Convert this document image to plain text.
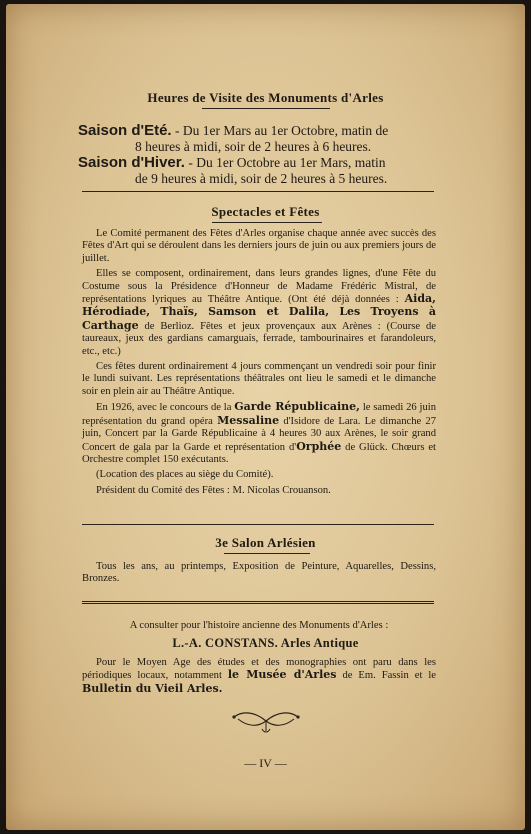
Heures de Visite des Monuments d'Arles
Saison d'Eté. - Du 1er Mars au 1er Octobre, matin de
8 heures à midi, soir de 2 heures à 6 heures.
Saison d'Hiver. - Du 1er Octobre au 1er Mars, matin
de 9 heures à midi, soir de 2 heures à 5 heures.
Spectacles et Fêtes

Le Comité permanent des Fêtes d'Arles organise chaque année avec succès des Fêtes d'Art qui se déroulent dans les derniers jours de juin ou aux premiers jours de juillet.

Elles se composent, ordinairement, dans leurs grandes lignes, d'une Fête du Costume sous la Présidence d'Honneur de Madame Frédéric Mistral, de représentations lyriques au Théâtre Antique. (Ont été déjà données : Aida, Hérodiade, Thaïs, Samson et Dalila, Les Troyens à Carthage de Berlioz. Fêtes et jeux provençaux aux Arènes : (Course de taureaux, jeux des gardians camarguais, ferrade, tambourinaires et farandoleurs, etc., etc.)

Ces fêtes durent ordinairement 4 jours commençant un vendredi soir pour finir le lundi suivant. Les représentations théâtrales ont lieu le samedi et le dimanche soir en plein air au Théâtre Antique.

En 1926, avec le concours de la Garde Républicaine, le samedi 26 juin représentation du grand opéra Messaline d'Isidore de Lara. Le dimanche 27 juin, Concert par la Garde Républicaine à 4 heures 30 aux Arènes, le soir grand Concert de gala par la Garde et représentation d'Orphée de Glück. Chœurs et Orchestre complet 150 exécutants.

(Location des places au siège du Comité).

Président du Comité des Fêtes : M. Nicolas Crouanson.

3e Salon Arlésien

Tous les ans, au printemps, Exposition de Peinture, Aquarelles, Dessins, Bronzes.

A consulter pour l'histoire ancienne des Monuments d'Arles :
L.-A. CONSTANS. Arles Antique

Pour le Moyen Age des études et des monographies ont paru dans les périodiques locaux, notamment le Musée d'Arles de Em. Fassin et le Bulletin du Vieil Arles.

— IV —
